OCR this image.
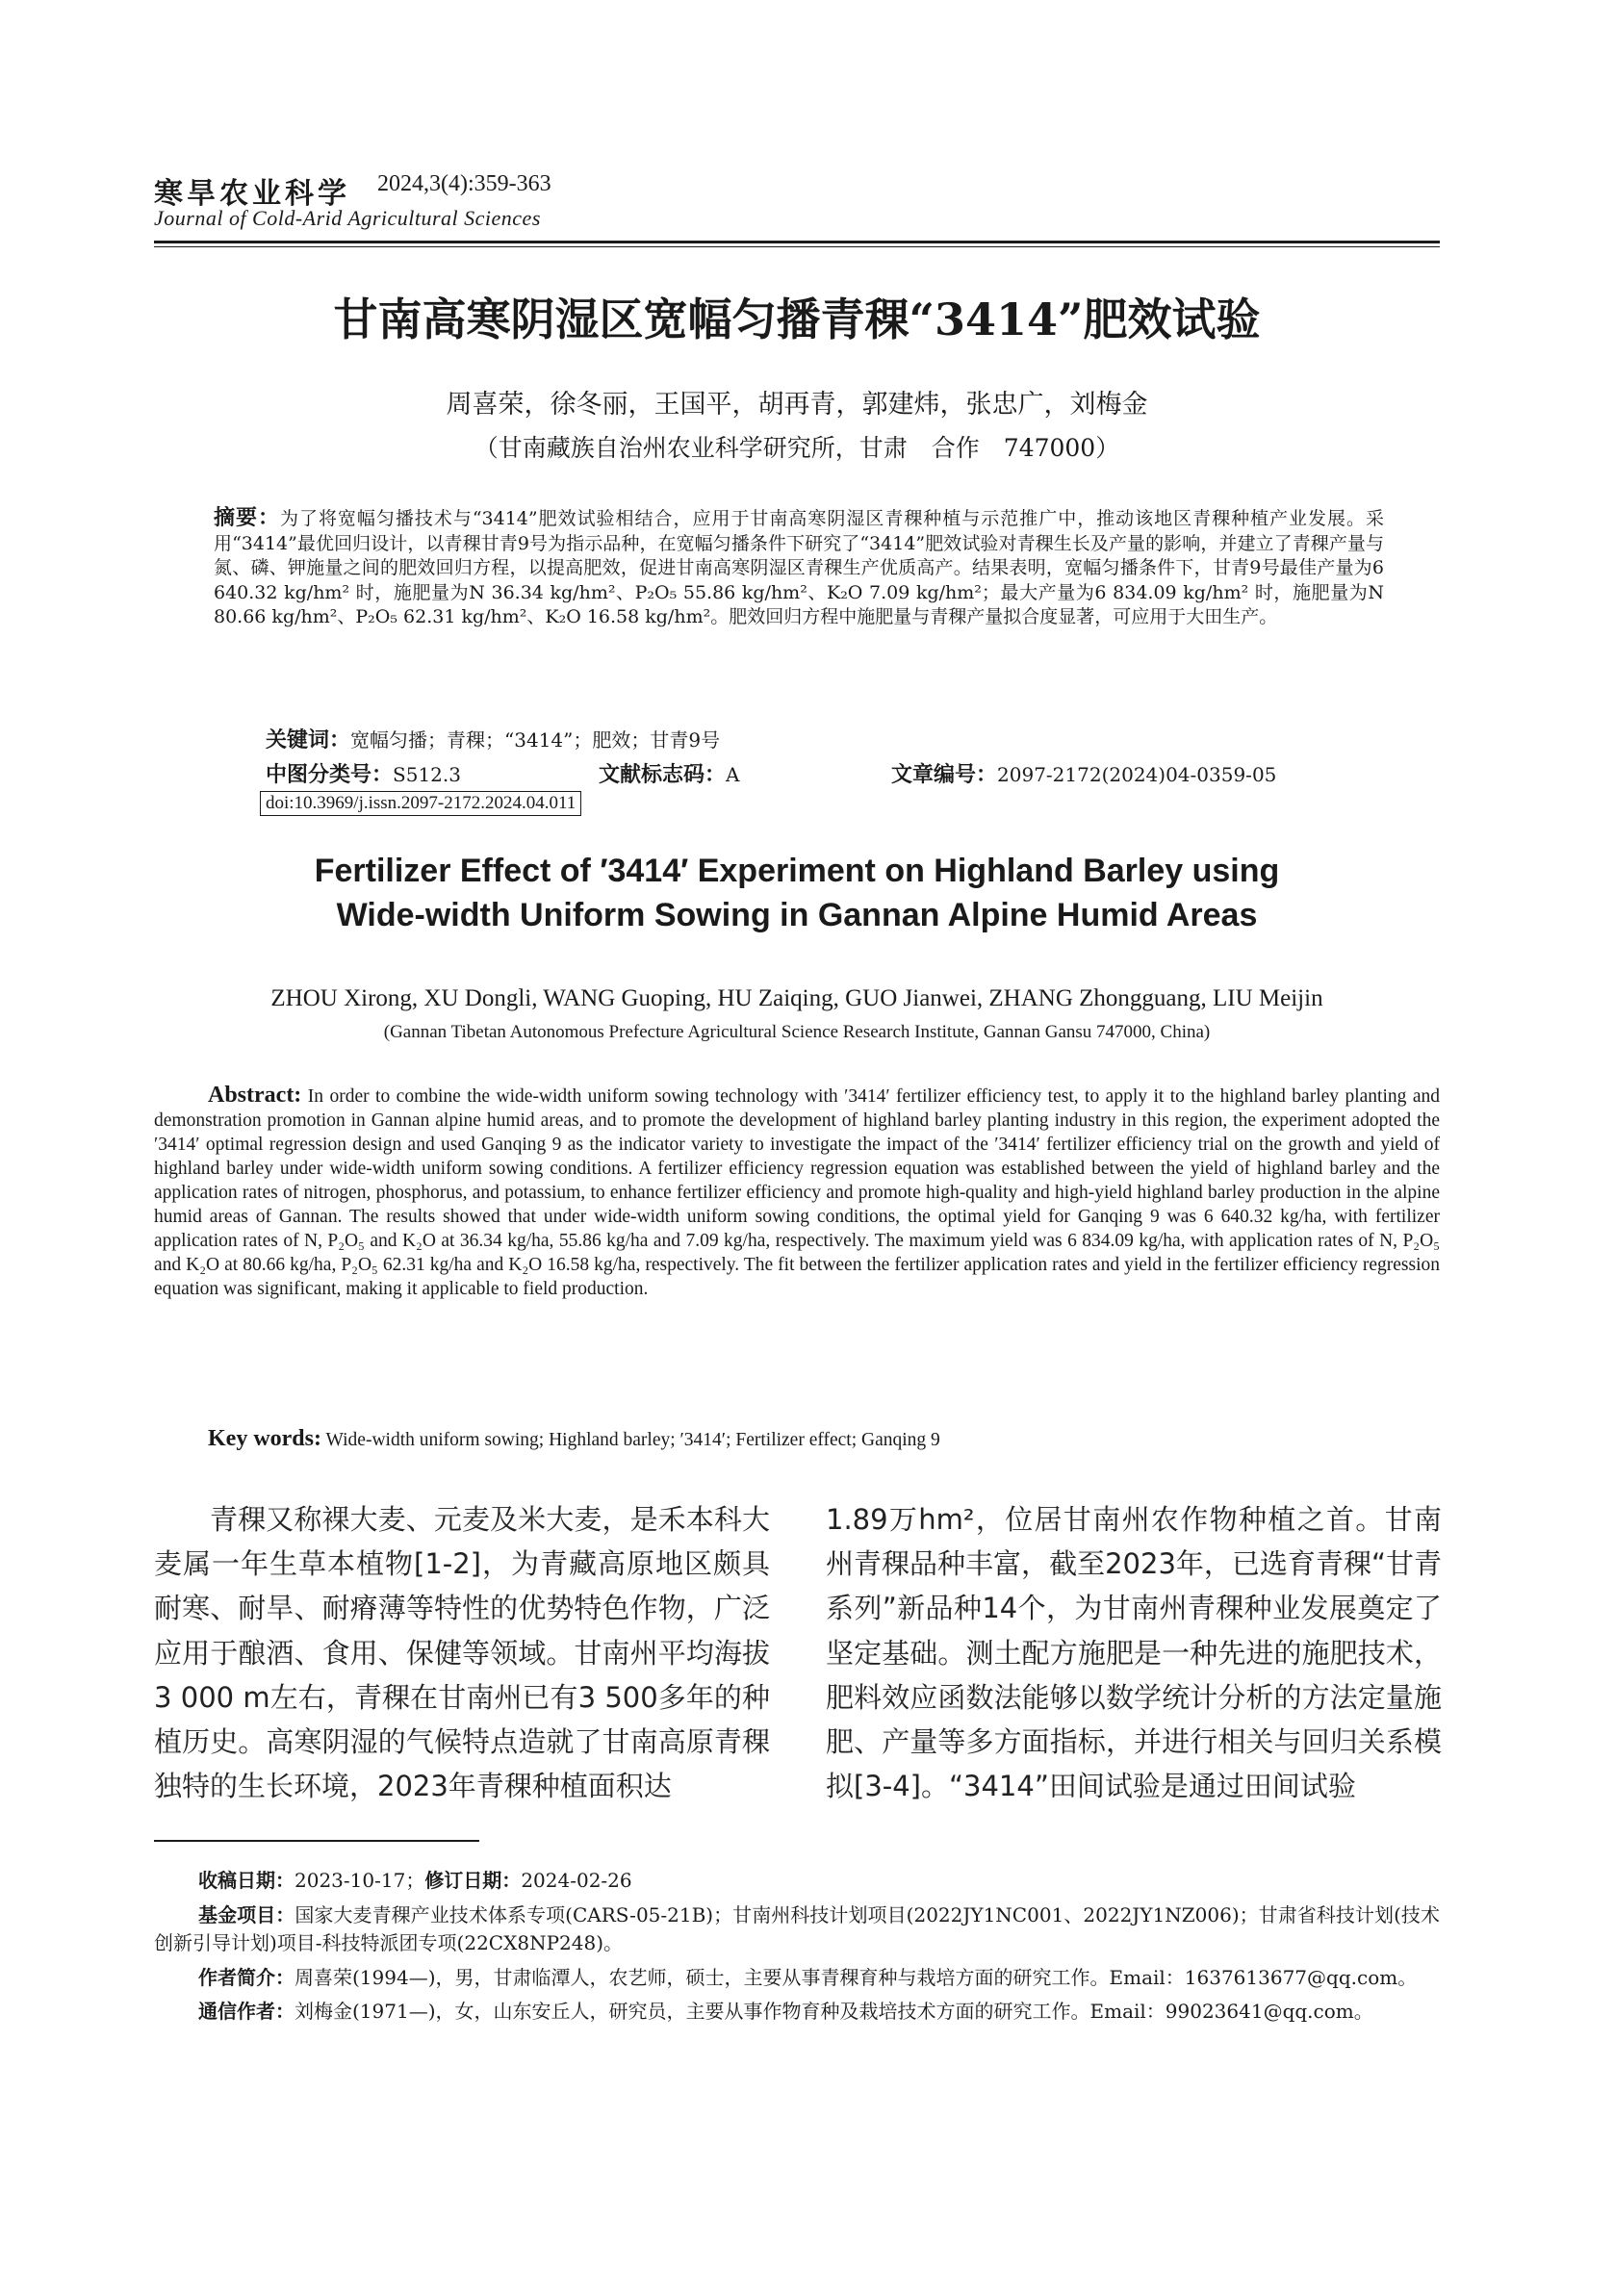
寒旱农业科学 2024,3(4):359-363
Journal of Cold-Arid Agricultural Sciences
甘南高寒阴湿区宽幅匀播青稞“3414”肥效试验
周喜荣，徐冬丽，王国平，胡再青，郭建炜，张忠广，刘梅金
（甘南藏族自治州农业科学研究所，甘肃　合作　747000）
摘要：为了将宽幅匀播技术与“3414”肥效试验相结合，应用于甘南高寒阴湿区青稞种植与示范推广中，推动该地区青稞种植产业发展。采用“3414”最优回归设计，以青稞甘青9号为指示品种，在宽幅匀播条件下研究了“3414”肥效试验对青稞生长及产量的影响，并建立了青稞产量与氮、磷、钾施量之间的肥效回归方程，以提高肥效，促进甘南高寒阴湿区青稞生产优质高产。结果表明，宽幅匀播条件下，甘青9号最佳产量为6 640.32 kg/hm² 时，施肥量为N 36.34 kg/hm²、P₂O₅ 55.86 kg/hm²、K₂O 7.09 kg/hm²；最大产量为6 834.09 kg/hm² 时，施肥量为N 80.66 kg/hm²、P₂O₅ 62.31 kg/hm²、K₂O 16.58 kg/hm²。肥效回归方程中施肥量与青稞产量拟合度显著，可应用于大田生产。
关键词：宽幅匀播；青稞；“3414”；肥效；甘青9号
中图分类号：S512.3	文献标志码：A	文章编号：2097-2172(2024)04-0359-05
doi:10.3969/j.issn.2097-2172.2024.04.011
Fertilizer Effect of ′3414′ Experiment on Highland Barley using
Wide-width Uniform Sowing in Gannan Alpine Humid Areas
ZHOU Xirong, XU Dongli, WANG Guoping, HU Zaiqing, GUO Jianwei, ZHANG Zhongguang, LIU Meijin
(Gannan Tibetan Autonomous Prefecture Agricultural Science Research Institute, Gannan Gansu 747000, China)
Abstract: In order to combine the wide-width uniform sowing technology with ′3414′ fertilizer efficiency test, to apply it to the highland barley planting and demonstration promotion in Gannan alpine humid areas, and to promote the development of highland barley planting industry in this region, the experiment adopted the ′3414′ optimal regression design and used Ganqing 9 as the indicator variety to investigate the impact of the ′3414′ fertilizer efficiency trial on the growth and yield of highland barley under wide-width uniform sowing conditions. A fertilizer efficiency regression equation was established between the yield of highland barley and the application rates of nitrogen, phosphorus, and potassium, to enhance fertilizer efficiency and promote high-quality and high-yield highland barley production in the alpine humid areas of Gannan. The results showed that under wide-width uniform sowing conditions, the optimal yield for Ganqing 9 was 6 640.32 kg/ha, with fertilizer application rates of N, P₂O₅ and K₂O at 36.34 kg/ha, 55.86 kg/ha and 7.09 kg/ha, respectively. The maximum yield was 6 834.09 kg/ha, with application rates of N, P₂O₅ and K₂O at 80.66 kg/ha, P₂O₅ 62.31 kg/ha and K₂O 16.58 kg/ha, respectively. The fit between the fertilizer application rates and yield in the fertilizer efficiency regression equation was significant, making it applicable to field production.
Key words: Wide-width uniform sowing; Highland barley; ′3414′; Fertilizer effect; Ganqing 9
青稞又称裸大麦、元麦及米大麦，是禾本科大麦属一年生草本植物[1-2]，为青藏高原地区颇具耐寒、耐旱、耐瘠薄等特性的优势特色作物，广泛应用于酿酒、食用、保健等领域。甘南州平均海拔3 000 m左右，青稞在甘南州已有3 500多年的种植历史。高寒阴湿的气候特点造就了甘南高原青稞独特的生长环境，2023年青稞种植面积达
1.89万hm²，位居甘南州农作物种植之首。甘南州青稞品种丰富，截至2023年，已选育青稞“甘青系列”新品种14个，为甘南州青稞种业发展奠定了坚定基础。测土配方施肥是一种先进的施肥技术，肥料效应函数法能够以数学统计分析的方法定量施肥、产量等多方面指标，并进行相关与回归关系模拟[3-4]。“3414”田间试验是通过田间试验

收稿日期：2023-10-17；修订日期：2024-02-26

基金项目：国家大麦青稞产业技术体系专项(CARS-05-21B)；甘南州科技计划项目(2022JY1NC001、2022JY1NZ006)；甘肃省科技计划(技术创新引导计划)项目-科技特派团专项(22CX8NP248)。

作者简介：周喜荣(1994—)，男，甘肃临潭人，农艺师，硕士，主要从事青稞育种与栽培方面的研究工作。Email：1637613677@qq.com。

通信作者：刘梅金(1971—)，女，山东安丘人，研究员，主要从事作物育种及栽培技术方面的研究工作。Email：99023641@qq.com。
